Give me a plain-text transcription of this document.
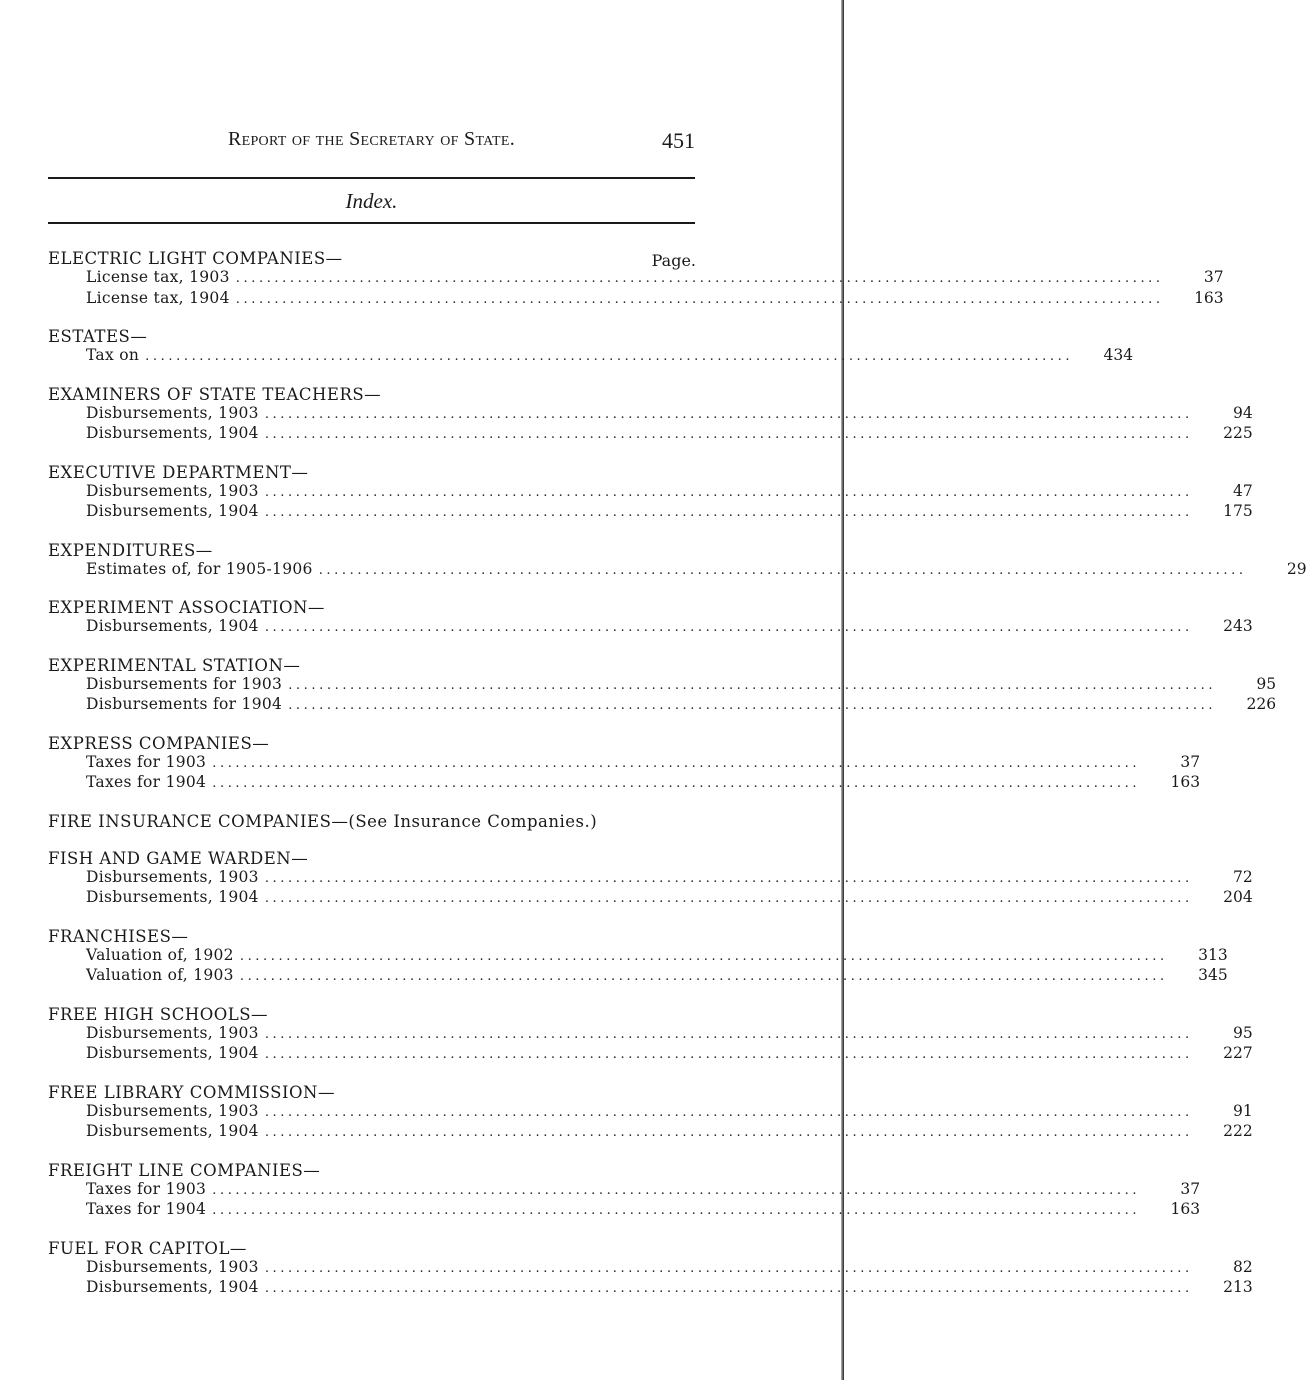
Report of the Secretary of State.	451
Index.
Page.
ELECTRIC LIGHT COMPANIES—
License tax, 1903 ........................................................................................................................	37
License tax, 1904 ........................................................................................................................	163
ESTATES—
Tax on ........................................................................................................................	434
EXAMINERS OF STATE TEACHERS—
Disbursements, 1903 ........................................................................................................................	94
Disbursements, 1904 ........................................................................................................................	225
EXECUTIVE DEPARTMENT—
Disbursements, 1903 ........................................................................................................................	47
Disbursements, 1904 ........................................................................................................................	175
EXPENDITURES—
Estimates of, for 1905-1906 ........................................................................................................................	29
EXPERIMENT ASSOCIATION—
Disbursements, 1904 ........................................................................................................................	243
EXPERIMENTAL STATION—
Disbursements for 1903 ........................................................................................................................	95
Disbursements for 1904 ........................................................................................................................	226
EXPRESS COMPANIES—
Taxes for 1903 ........................................................................................................................	37
Taxes for 1904 ........................................................................................................................	163
FIRE INSURANCE COMPANIES—(See Insurance Companies.)
FISH AND GAME WARDEN—
Disbursements, 1903 ........................................................................................................................	72
Disbursements, 1904 ........................................................................................................................	204
FRANCHISES—
Valuation of, 1902 ........................................................................................................................	313
Valuation of, 1903 ........................................................................................................................	345
FREE HIGH SCHOOLS—
Disbursements, 1903 ........................................................................................................................	95
Disbursements, 1904 ........................................................................................................................	227
FREE LIBRARY COMMISSION—
Disbursements, 1903 ........................................................................................................................	91
Disbursements, 1904 ........................................................................................................................	222
FREIGHT LINE COMPANIES—
Taxes for 1903 ........................................................................................................................	37
Taxes for 1904 ........................................................................................................................	163
FUEL FOR CAPITOL—
Disbursements, 1903 ........................................................................................................................	82
Disbursements, 1904 ........................................................................................................................	213
